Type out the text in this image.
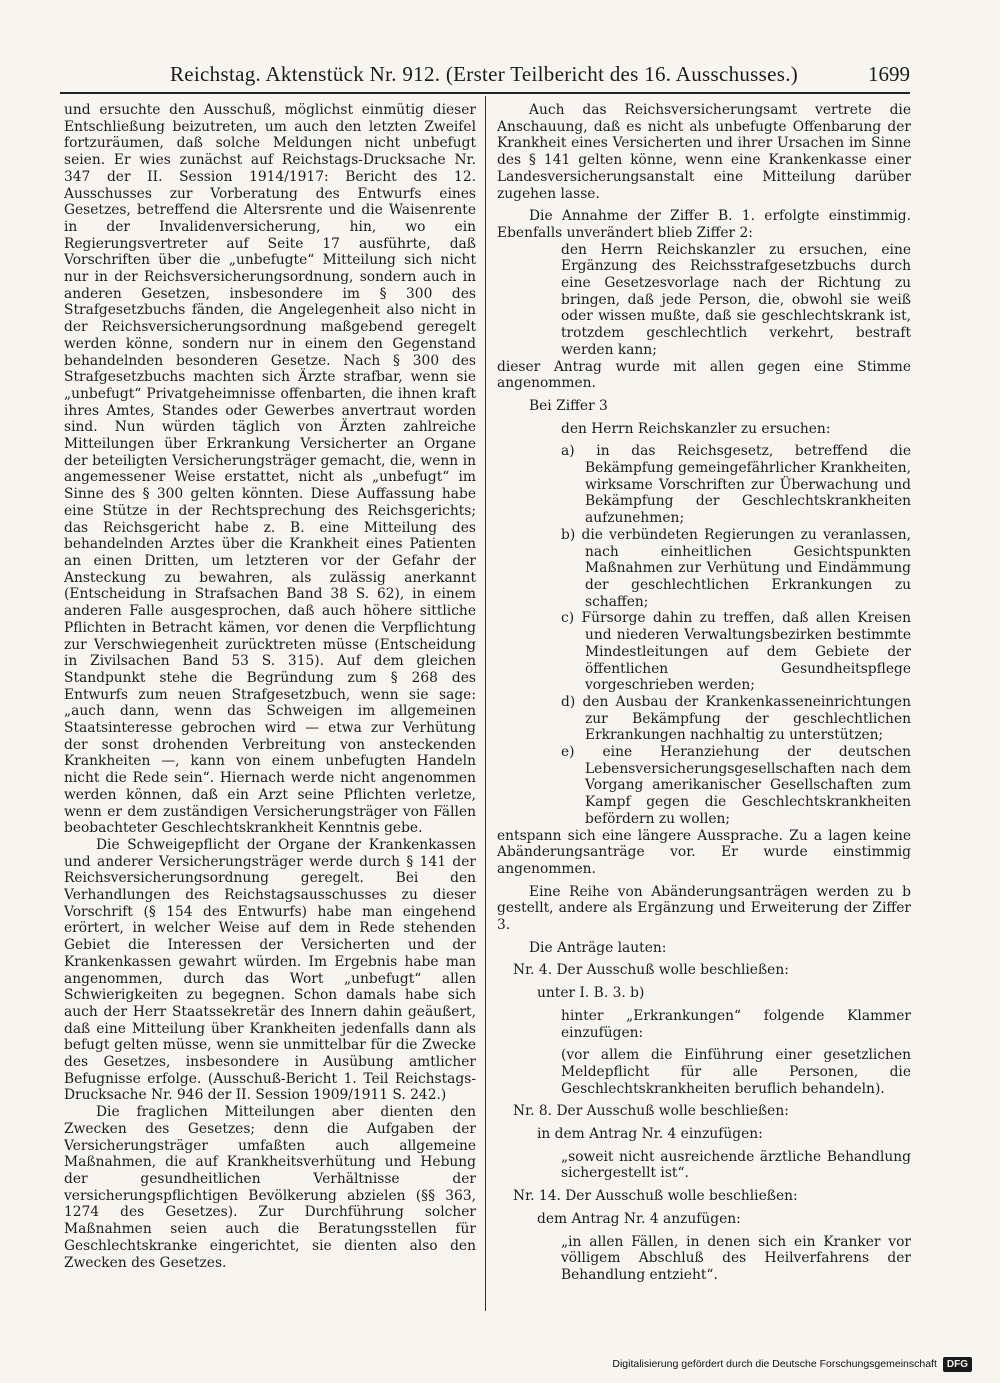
Reichstag. Aktenstück Nr. 912. (Erster Teilbericht des 16. Ausschusses.)	1699

und ersuchte den Ausschuß, möglichst einmütig dieser Entschließung beizutreten, um auch den letzten Zweifel fortzuräumen, daß solche Meldungen nicht unbefugt seien. Er wies zunächst auf Reichstags-Drucksache Nr. 347 der II. Session 1914/1917: Bericht des 12. Ausschusses zur Vorberatung des Entwurfs eines Gesetzes, betreffend die Altersrente und die Waisenrente in der Invalidenversicherung, hin, wo ein Regierungsvertreter auf Seite 17 ausführte, daß Vorschriften über die „unbefugte“ Mitteilung sich nicht nur in der Reichsversicherungsordnung, sondern auch in anderen Gesetzen, insbesondere im § 300 des Strafgesetzbuchs fänden, die Angelegenheit also nicht in der Reichsversicherungsordnung maßgebend geregelt werden könne, sondern nur in einem den Gegenstand behandelnden besonderen Gesetze. Nach § 300 des Strafgesetzbuchs machten sich Ärzte strafbar, wenn sie „unbefugt“ Privatgeheimnisse offenbarten, die ihnen kraft ihres Amtes, Standes oder Gewerbes anvertraut worden sind. Nun würden täglich von Ärzten zahlreiche Mitteilungen über Erkrankung Versicherter an Organe der beteiligten Versicherungsträger gemacht, die, wenn in angemessener Weise erstattet, nicht als „unbefugt“ im Sinne des § 300 gelten könnten. Diese Auffassung habe eine Stütze in der Rechtsprechung des Reichsgerichts; das Reichsgericht habe z. B. eine Mitteilung des behandelnden Arztes über die Krankheit eines Patienten an einen Dritten, um letzteren vor der Gefahr der Ansteckung zu bewahren, als zulässig anerkannt (Entscheidung in Strafsachen Band 38 S. 62), in einem anderen Falle ausgesprochen, daß auch höhere sittliche Pflichten in Betracht kämen, vor denen die Verpflichtung zur Verschwiegenheit zurücktreten müsse (Entscheidung in Zivilsachen Band 53 S. 315). Auf dem gleichen Standpunkt stehe die Begründung zum § 268 des Entwurfs zum neuen Strafgesetzbuch, wenn sie sage: „auch dann, wenn das Schweigen im allgemeinen Staatsinteresse gebrochen wird — etwa zur Verhütung der sonst drohenden Verbreitung von ansteckenden Krankheiten —, kann von einem unbefugten Handeln nicht die Rede sein“. Hiernach werde nicht angenommen werden können, daß ein Arzt seine Pflichten verletze, wenn er dem zuständigen Versicherungsträger von Fällen beobachteter Geschlechtskrankheit Kenntnis gebe.

Die Schweigepflicht der Organe der Krankenkassen und anderer Versicherungsträger werde durch § 141 der Reichsversicherungsordnung geregelt. Bei den Verhandlungen des Reichstagsausschusses zu dieser Vorschrift (§ 154 des Entwurfs) habe man eingehend erörtert, in welcher Weise auf dem in Rede stehenden Gebiet die Interessen der Versicherten und der Krankenkassen gewahrt würden. Im Ergebnis habe man angenommen, durch das Wort „unbefugt“ allen Schwierigkeiten zu begegnen. Schon damals habe sich auch der Herr Staatssekretär des Innern dahin geäußert, daß eine Mitteilung über Krankheiten jedenfalls dann als befugt gelten müsse, wenn sie unmittelbar für die Zwecke des Gesetzes, insbesondere in Ausübung amtlicher Befugnisse erfolge. (Ausschuß-Bericht 1. Teil Reichstags-Drucksache Nr. 946 der II. Session 1909/1911 S. 242.)

Die fraglichen Mitteilungen aber dienten den Zwecken des Gesetzes; denn die Aufgaben der Versicherungsträger umfaßten auch allgemeine Maßnahmen, die auf Krankheitsverhütung und Hebung der gesundheitlichen Verhältnisse der versicherungspflichtigen Bevölkerung abzielen (§§ 363, 1274 des Gesetzes). Zur Durchführung solcher Maßnahmen seien auch die Beratungsstellen für Geschlechtskranke eingerichtet, sie dienten also den Zwecken des Gesetzes.

Auch das Reichsversicherungsamt vertrete die Anschauung, daß es nicht als unbefugte Offenbarung der Krankheit eines Versicherten und ihrer Ursachen im Sinne des § 141 gelten könne, wenn eine Krankenkasse einer Landesversicherungsanstalt eine Mitteilung darüber zugehen lasse.

Die Annahme der Ziffer B. 1. erfolgte einstimmig. Ebenfalls unverändert blieb Ziffer 2:

den Herrn Reichskanzler zu ersuchen, eine Ergänzung des Reichsstrafgesetzbuchs durch eine Gesetzesvorlage nach der Richtung zu bringen, daß jede Person, die, obwohl sie weiß oder wissen mußte, daß sie geschlechtskrank ist, trotzdem geschlechtlich verkehrt, bestraft werden kann;

dieser Antrag wurde mit allen gegen eine Stimme angenommen.

Bei Ziffer 3

den Herrn Reichskanzler zu ersuchen:

a) in das Reichsgesetz, betreffend die Bekämpfung gemeingefährlicher Krankheiten, wirksame Vorschriften zur Überwachung und Bekämpfung der Geschlechtskrankheiten aufzunehmen;

b) die verbündeten Regierungen zu veranlassen, nach einheitlichen Gesichtspunkten Maßnahmen zur Verhütung und Eindämmung der geschlechtlichen Erkrankungen zu schaffen;

c) Fürsorge dahin zu treffen, daß allen Kreisen und niederen Verwaltungsbezirken bestimmte Mindestleitungen auf dem Gebiete der öffentlichen Gesundheitspflege vorgeschrieben werden;

d) den Ausbau der Krankenkasseneinrichtungen zur Bekämpfung der geschlechtlichen Erkrankungen nachhaltig zu unterstützen;

e) eine Heranziehung der deutschen Lebensversicherungsgesellschaften nach dem Vorgang amerikanischer Gesellschaften zum Kampf gegen die Geschlechtskrankheiten befördern zu wollen;

entspann sich eine längere Aussprache. Zu a lagen keine Abänderungsanträge vor. Er wurde einstimmig angenommen.

Eine Reihe von Abänderungsanträgen werden zu b gestellt, andere als Ergänzung und Erweiterung der Ziffer 3.

Die Anträge lauten:

Nr. 4. Der Ausschuß wolle beschließen:

unter I. B. 3. b)

hinter „Erkrankungen“ folgende Klammer einzufügen:

(vor allem die Einführung einer gesetzlichen Meldepflicht für alle Personen, die Geschlechtskrankheiten beruflich behandeln).

Nr. 8. Der Ausschuß wolle beschließen:

in dem Antrag Nr. 4 einzufügen:

„soweit nicht ausreichende ärztliche Behandlung sichergestellt ist“.

Nr. 14. Der Ausschuß wolle beschließen:

dem Antrag Nr. 4 anzufügen:

„in allen Fällen, in denen sich ein Kranker vor völligem Abschluß des Heilverfahrens der Behandlung entzieht“.

Digitalisierung gefördert durch die Deutsche Forschungsgemeinschaft	DFG
